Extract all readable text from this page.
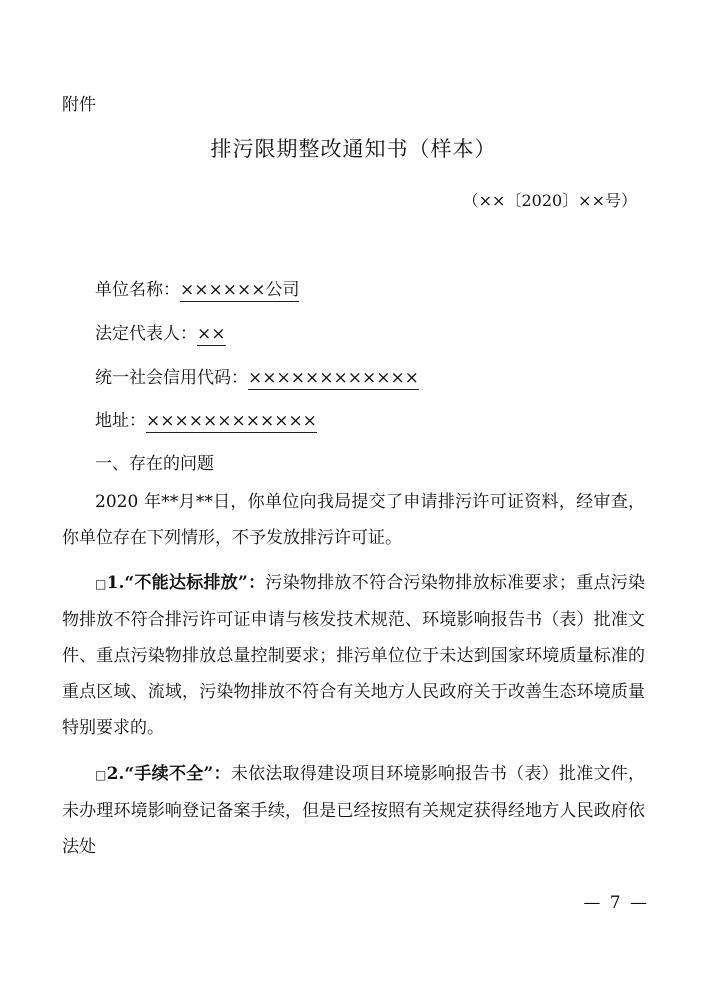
附件
排污限期整改通知书（样本）
（××〔2020〕××号）
单位名称：××××××公司
法定代表人：××
统一社会信用代码：××××××××××××
地址：××××××××××××
一、存在的问题

2020 年**月**日，你单位向我局提交了申请排污许可证资料，经审查，你单位存在下列情形，不予发放排污许可证。

□1.“不能达标排放”：污染物排放不符合污染物排放标准要求；重点污染物排放不符合排污许可证申请与核发技术规范、环境影响报告书（表）批准文件、重点污染物排放总量控制要求；排污单位位于未达到国家环境质量标准的重点区域、流域，污染物排放不符合有关地方人民政府关于改善生态环境质量特别要求的。

□2.“手续不全”：未依法取得建设项目环境影响报告书（表）批准文件，未办理环境影响登记备案手续，但是已经按照有关规定获得经地方人民政府依法处

— 7 —
